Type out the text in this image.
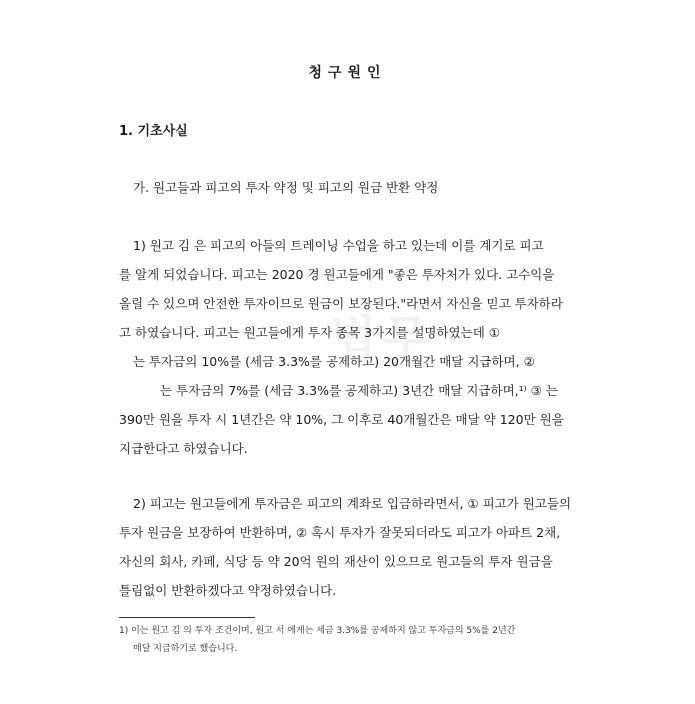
법무
청구원인
1. 기초사실
가. 원고들과 피고의 투자 약정 및 피고의 원금 반환 약정
1) 원고 김 은 피고의 아들의 트레이닝 수업을 하고 있는데 이를 계기로 피고
를 알게 되었습니다. 피고는 2020 경 원고들에게 "좋은 투자처가 있다. 고수익을
올릴 수 있으며 안전한 투자이므로 원금이 보장된다."라면서 자신을 믿고 투자하라
고 하였습니다. 피고는 원고들에게 투자 종목 3가지를 설명하였는데 ①
는 투자금의 10%를 (세금 3.3%를 공제하고) 20개월간 매달 지급하며, ②
는 투자금의 7%를 (세금 3.3%를 공제하고) 3년간 매달 지급하며,¹⁾ ③ 는
390만 원을 투자 시 1년간은 약 10%, 그 이후로 40개월간은 매달 약 120만 원을
지급한다고 하였습니다.
2) 피고는 원고들에게 투자금은 피고의 계좌로 입금하라면서, ① 피고가 원고들의
투자 원금을 보장하여 반환하며, ② 혹시 투자가 잘못되더라도 피고가 아파트 2채,
자신의 회사, 카페, 식당 등 약 20억 원의 재산이 있으므로 원고들의 투자 원금을
틀림없이 반환하겠다고 약정하였습니다.
1) 이는 원고 김 의 투자 조건이며, 원고 서 에게는 세금 3.3%를 공제하지 않고 투자금의 5%를 2년간
매달 지급하기로 했습니다.
